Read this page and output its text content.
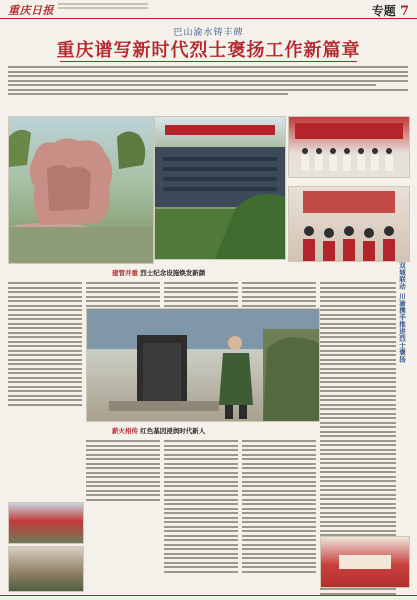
重庆日报	专题 7
巴山渝水铸丰碑
重庆谱写新时代烈士褒扬工作新篇章
建管并重 烈士纪念设施焕发新颜	双城联动 川渝携手推进烈士褒扬
薪火相传 红色基因浸润时代新人
